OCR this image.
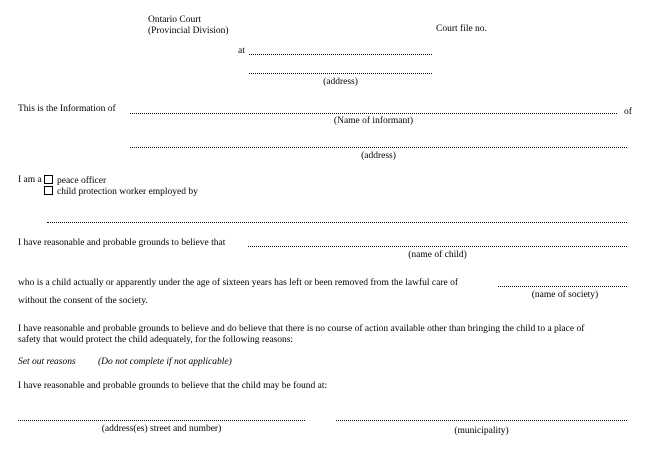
Ontario Court
(Provincial Division)	Court file no.
at
(address)
This is the Information of	of
(Name of informant)
(address)
I am a	peace officer
child protection worker employed by
I have reasonable and probable grounds to believe that
(name of child)
who is a child actually or apparently under the age of sixteen years has left or been removed from the lawful care of
(name of society)
without the consent of the society.
I have reasonable and probable grounds to believe and do believe that there is no course of action available other than bringing the child to a place of
safety that would protect the child adequately, for the following reasons:
Set out reasons (Do not complete if not applicable)
I have reasonable and probable grounds to believe that the child may be found at:
(address(es) street and number)	(municipality)
